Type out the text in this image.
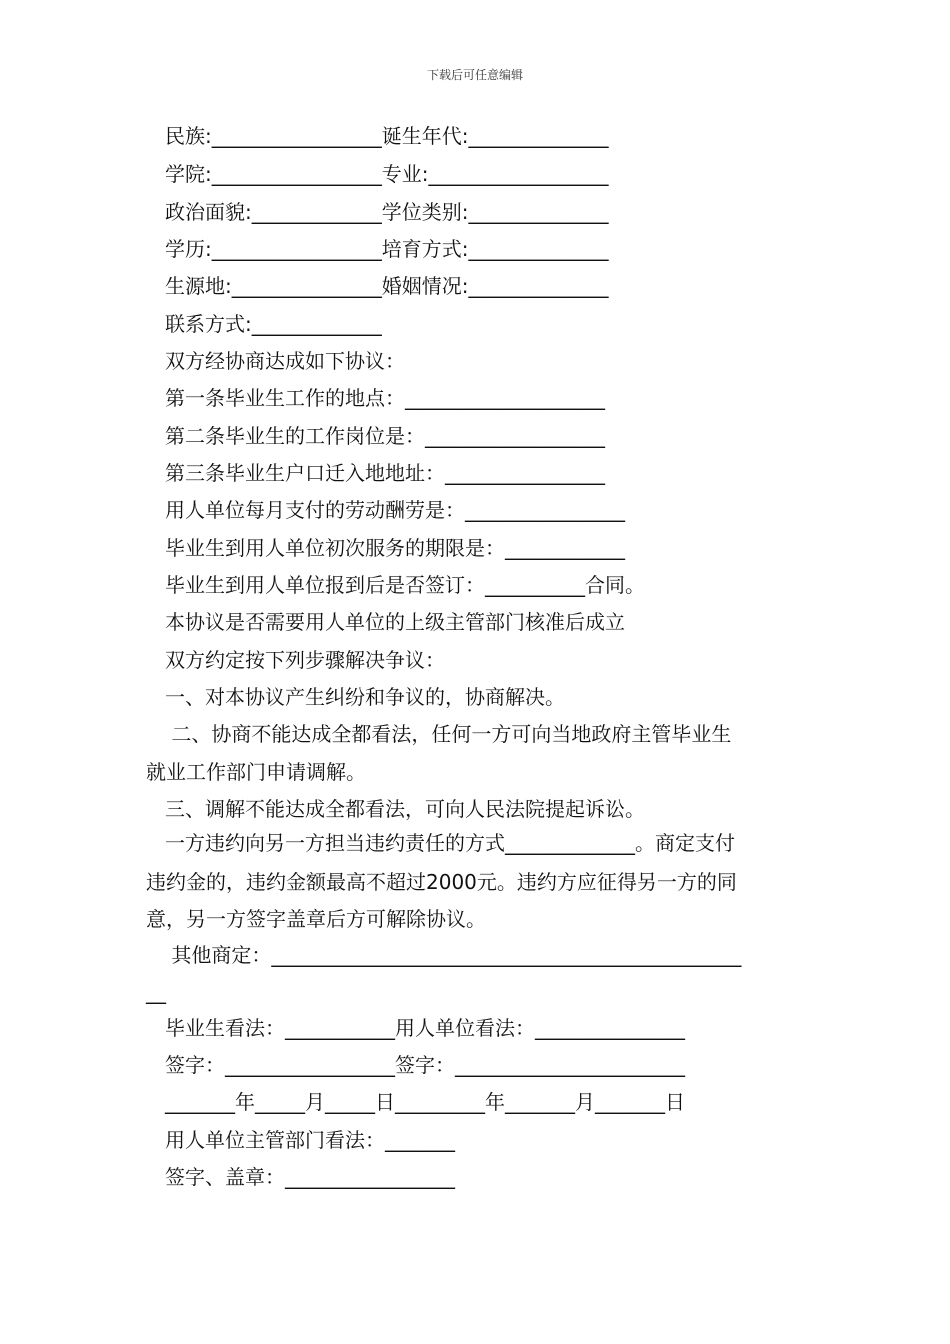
下载后可任意编辑
民族:_________________诞生年代:______________
学院:_________________专业:__________________
政治面貌:_____________学位类别:______________
学历:_________________培育方式:______________
生源地:_______________婚姻情况:______________
联系方式:_____________
双方经协商达成如下协议：
第一条毕业生工作的地点：____________________
第二条毕业生的工作岗位是：__________________
第三条毕业生户口迁入地地址：________________
用人单位每月支付的劳动酬劳是：________________
毕业生到用人单位初次服务的期限是：____________
毕业生到用人单位报到后是否签订：__________合同。
本协议是否需要用人单位的上级主管部门核准后成立
双方约定按下列步骤解决争议：
一、对本协议产生纠纷和争议的，协商解决。
二、协商不能达成全都看法，任何一方可向当地政府主管毕业生
就业工作部门申请调解。
三、调解不能达成全都看法，可向人民法院提起诉讼。
一方违约向另一方担当违约责任的方式_____________。商定支付
违约金的，违约金额最高不超过2000元。违约方应征得另一方的同
意，另一方签字盖章后方可解除协议。
其他商定：_______________________________________________
__
毕业生看法：___________用人单位看法：_______________
签字：_________________签字：_______________________
_______年_____月_____日_________年_______月_______日
用人单位主管部门看法：_______
签字、盖章：_________________
